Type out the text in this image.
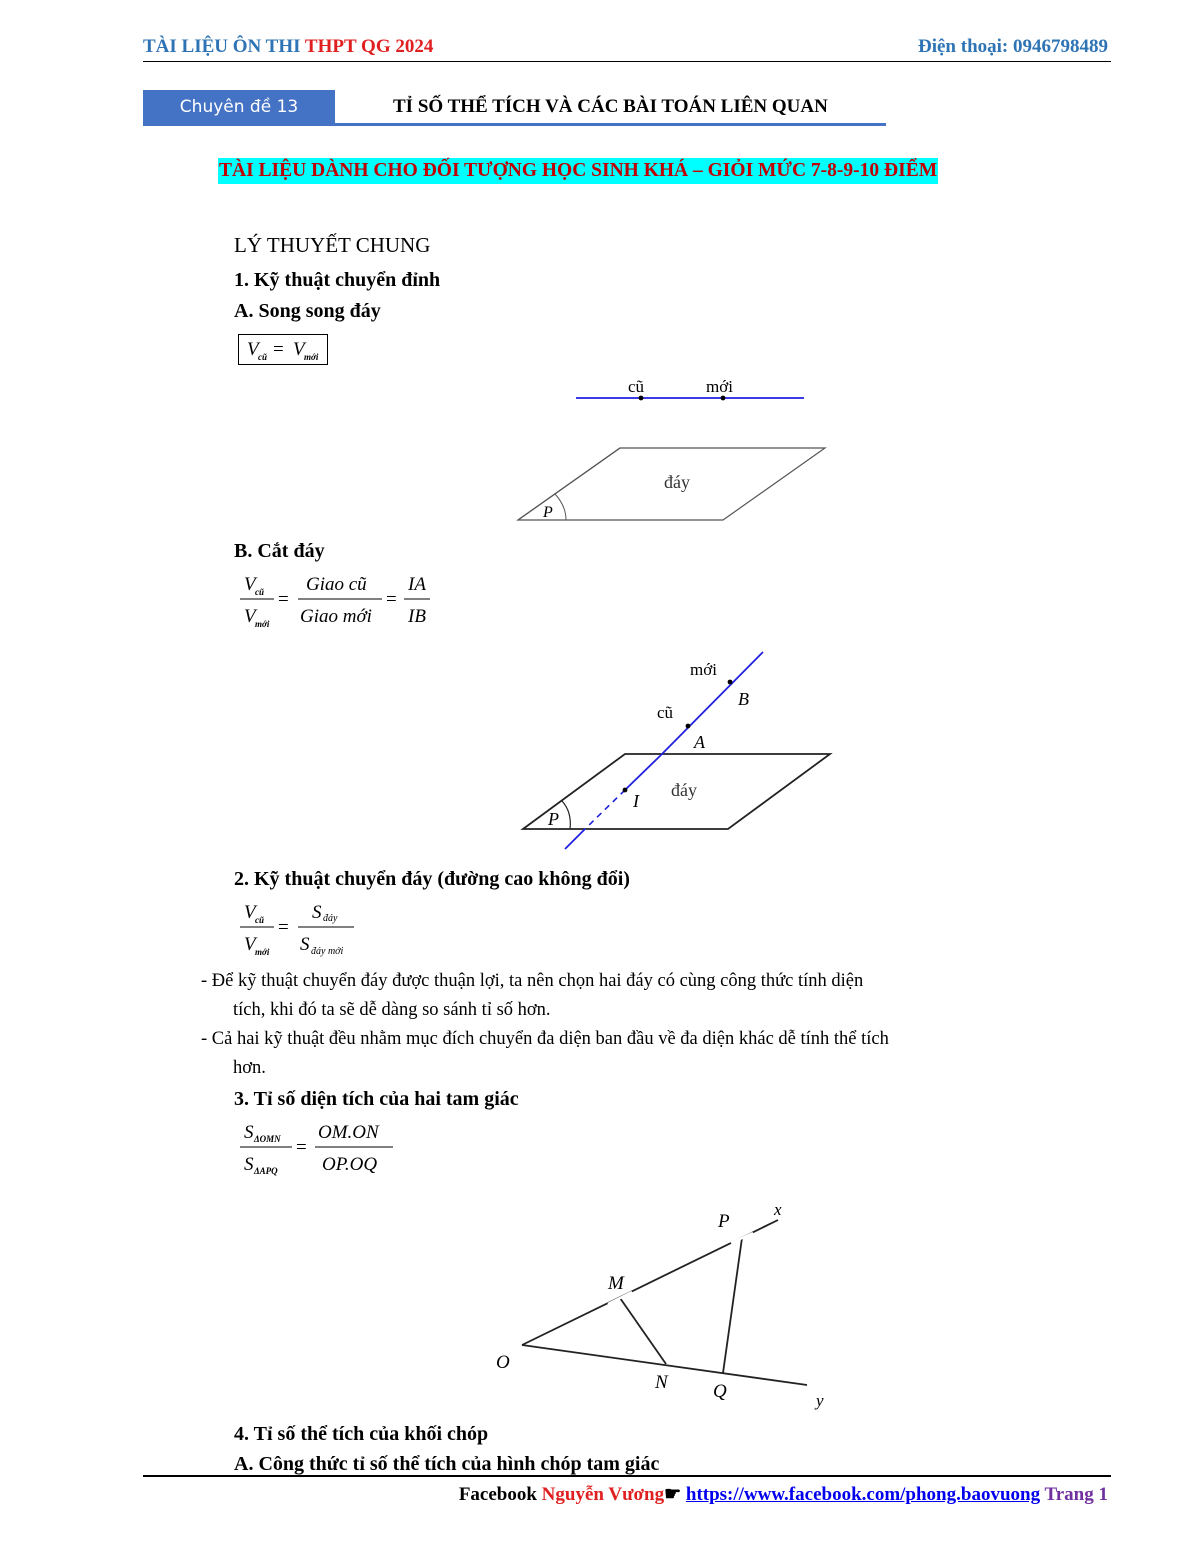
TÀI LIỆU ÔN THI THPT QG 2024	Điện thoại: 0946798489
Chuyên đề 13	TỈ SỐ THỂ TÍCH VÀ CÁC BÀI TOÁN LIÊN QUAN
TÀI LIỆU DÀNH CHO ĐỐI TƯỢNG HỌC SINH KHÁ – GIỎI MỨC 7-8-9-10 ĐIỂM
LÝ THUYẾT CHUNG
1. Kỹ thuật chuyển đỉnh
A. Song song đáy
V cũ = V mới
cũ	mới
P
đáy
B. Cắt đáy
V cũ
V mới
=
Giao cũ
Giao mới
=
IA
IB
mới
B
cũ
A
đáy
I
P
2. Kỹ thuật chuyển đáy (đường cao không đổi)
V cũ
V mới
=
S đáy
S đáy mới
- Để kỹ thuật chuyển đáy được thuận lợi, ta nên chọn hai đáy có cùng công thức tính diện
tích, khi đó ta sẽ dễ dàng so sánh tỉ số hơn.
- Cả hai kỹ thuật đều nhằm mục đích chuyển đa diện ban đầu về đa diện khác dễ tính thể tích
hơn.
3. Tỉ số diện tích của hai tam giác
S ΔOMN
S ΔAPQ
=
OM.ON
OP.OQ
O
M
N
P
Q
x
y
4. Tỉ số thể tích của khối chóp
A. Công thức tỉ số thể tích của hình chóp tam giác
Facebook Nguyễn Vương☛ https://www.facebook.com/phong.baovuong Trang 1
